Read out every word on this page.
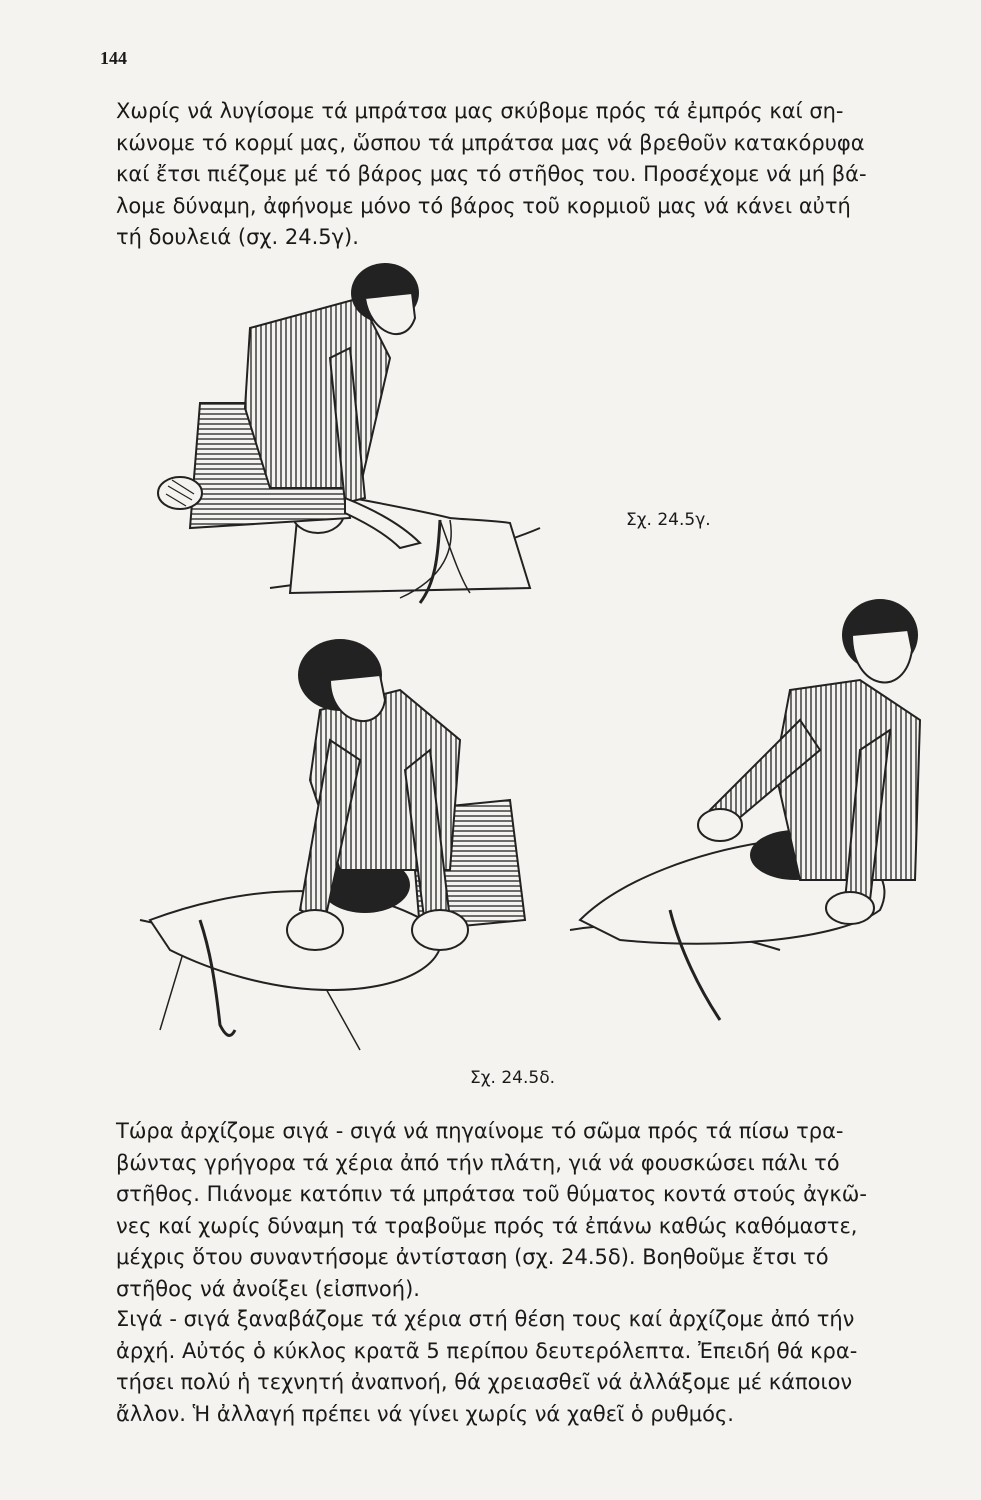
144

Χωρίς νά λυγίσομε τά μπράτσα μας σκύβομε πρός τά ἐμπρός καί ση-
κώνομε τό κορμί μας, ὥσπου τά μπράτσα μας νά βρεθοῦν κατακόρυφα
καί ἔτσι πιέζομε μέ τό βάρος μας τό στῆθος του. Προσέχομε νά μή βά-
λομε δύναμη, ἀφήνομε μόνο τό βάρος τοῦ κορμιοῦ μας νά κάνει αὐτή
τή δουλειά (σχ. 24.5γ).

Σχ. 24.5γ.
Σχ. 24.5δ.

Τώρα ἀρχίζομε σιγά - σιγά νά πηγαίνομε τό σῶμα πρός τά πίσω τρα-
βώντας γρήγορα τά χέρια ἀπό τήν πλάτη, γιά νά φουσκώσει πάλι τό
στῆθος. Πιάνομε κατόπιν τά μπράτσα τοῦ θύματος κοντά στούς ἀγκῶ-
νες καί χωρίς δύναμη τά τραβοῦμε πρός τά ἐπάνω καθώς καθόμαστε,
μέχρις ὅτου συναντήσομε ἀντίσταση (σχ. 24.5δ). Βοηθοῦμε ἔτσι τό
στῆθος νά ἀνοίξει (εἰσπνοή).

Σιγά - σιγά ξαναβάζομε τά χέρια στή θέση τους καί ἀρχίζομε ἀπό τήν
ἀρχή. Αὐτός ὁ κύκλος κρατᾶ 5 περίπου δευτερόλεπτα. Ἐπειδή θά κρα-
τήσει πολύ ἡ τεχνητή ἀναπνοή, θά χρειασθεῖ νά ἀλλάξομε μέ κάποιον
ἄλλον. Ἡ ἀλλαγή πρέπει νά γίνει χωρίς νά χαθεῖ ὁ ρυθμός.
